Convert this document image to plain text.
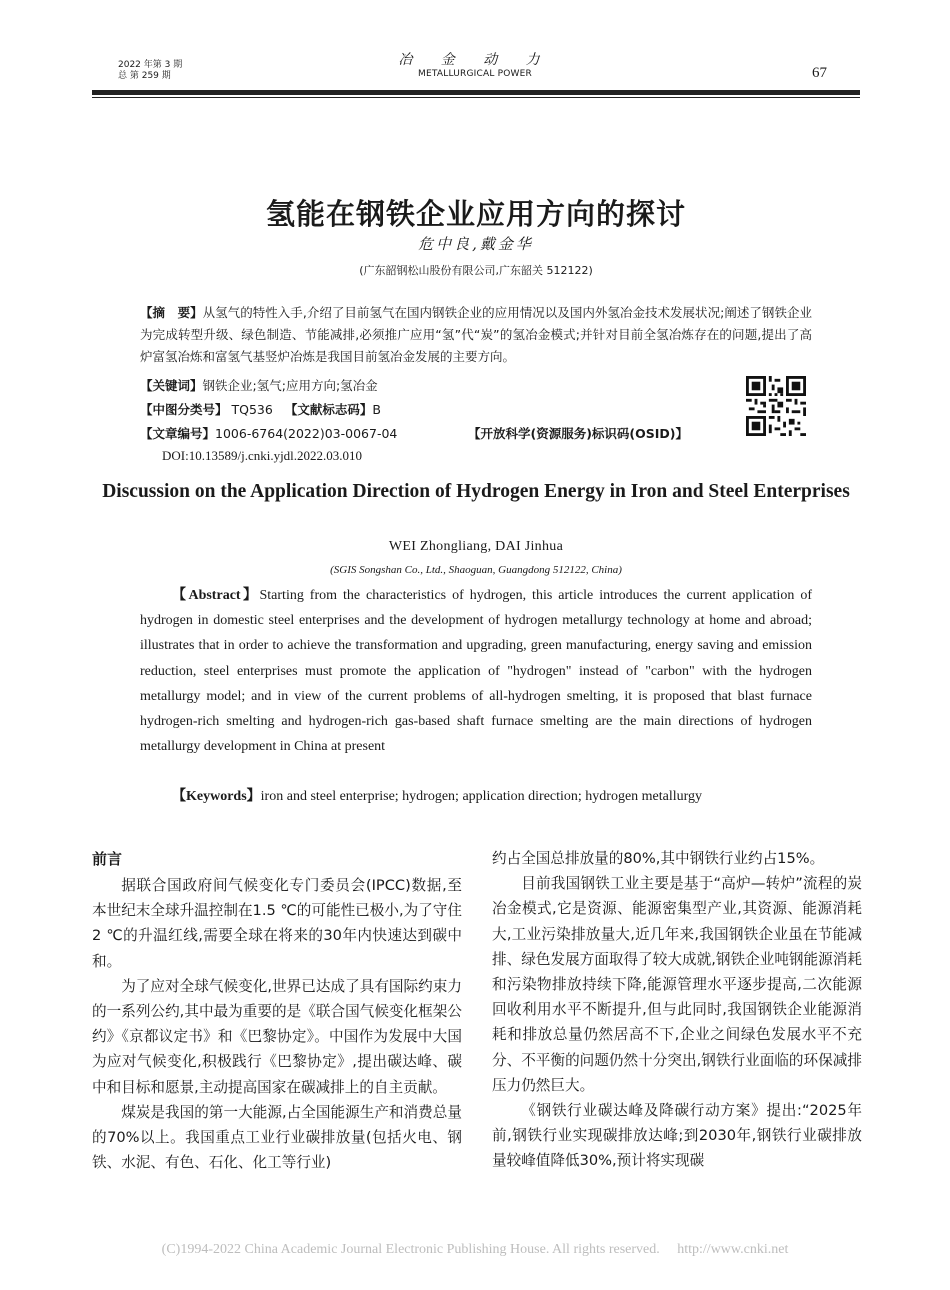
2022 年第 3 期
总 第 259 期
冶 金 动 力
METALLURGICAL POWER	67
氢能在钢铁企业应用方向的探讨
危中良,戴金华
(广东韶钢松山股份有限公司,广东韶关 512122)
【摘　要】从氢气的特性入手,介绍了目前氢气在国内钢铁企业的应用情况以及国内外氢冶金技术发展状况;阐述了钢铁企业为完成转型升级、绿色制造、节能减排,必须推广应用“氢”代“炭”的氢冶金模式;并针对目前全氢冶炼存在的问题,提出了高炉富氢冶炼和富氢气基竖炉冶炼是我国目前氢冶金发展的主要方向。
【关键词】钢铁企业;氢气;应用方向;氢冶金
【中图分类号】 TQ536 【文献标志码】B
【文章编号】1006-6764(2022)03-0067-04	【开放科学(资源服务)标识码(OSID)】
DOI:10.13589/j.cnki.yjdl.2022.03.010
Discussion on the Application Direction of Hydrogen Energy in Iron and Steel Enterprises
WEI Zhongliang, DAI Jinhua
(SGIS Songshan Co., Ltd., Shaoguan, Guangdong 512122, China)
【Abstract】Starting from the characteristics of hydrogen, this article introduces the current application of hydrogen in domestic steel enterprises and the development of hydrogen metallurgy technology at home and abroad; illustrates that in order to achieve the transformation and upgrading, green manufacturing, energy saving and emission reduction, steel enterprises must promote the application of "hydrogen" instead of "carbon" with the hydrogen metallurgy model; and in view of the current problems of all-hydrogen smelting, it is proposed that blast furnace hydrogen-rich smelting and hydrogen-rich gas-based shaft furnace smelting are the main directions of hydrogen metallurgy development in China at present
【Keywords】iron and steel enterprise; hydrogen; application direction; hydrogen metallurgy
前言

据联合国政府间气候变化专门委员会(IPCC)数据,至本世纪末全球升温控制在1.5 ℃的可能性已极小,为了守住2 ℃的升温红线,需要全球在将来的30年内快速达到碳中和。

为了应对全球气候变化,世界已达成了具有国际约束力的一系列公约,其中最为重要的是《联合国气候变化框架公约》《京都议定书》和《巴黎协定》。中国作为发展中大国为应对气候变化,积极践行《巴黎协定》,提出碳达峰、碳中和目标和愿景,主动提高国家在碳减排上的自主贡献。

煤炭是我国的第一大能源,占全国能源生产和消费总量的70%以上。我国重点工业行业碳排放量(包括火电、钢铁、水泥、有色、石化、化工等行业)

约占全国总排放量的80%,其中钢铁行业约占15%。

目前我国钢铁工业主要是基于“高炉—转炉”流程的炭冶金模式,它是资源、能源密集型产业,其资源、能源消耗大,工业污染排放量大,近几年来,我国钢铁企业虽在节能减排、绿色发展方面取得了较大成就,钢铁企业吨钢能源消耗和污染物排放持续下降,能源管理水平逐步提高,二次能源回收利用水平不断提升,但与此同时,我国钢铁企业能源消耗和排放总量仍然居高不下,企业之间绿色发展水平不充分、不平衡的问题仍然十分突出,钢铁行业面临的环保减排压力仍然巨大。

《钢铁行业碳达峰及降碳行动方案》提出:“2025年前,钢铁行业实现碳排放达峰;到2030年,钢铁行业碳排放量较峰值降低30%,预计将实现碳

(C)1994-2022 China Academic Journal Electronic Publishing House. All rights reserved. http://www.cnki.net
